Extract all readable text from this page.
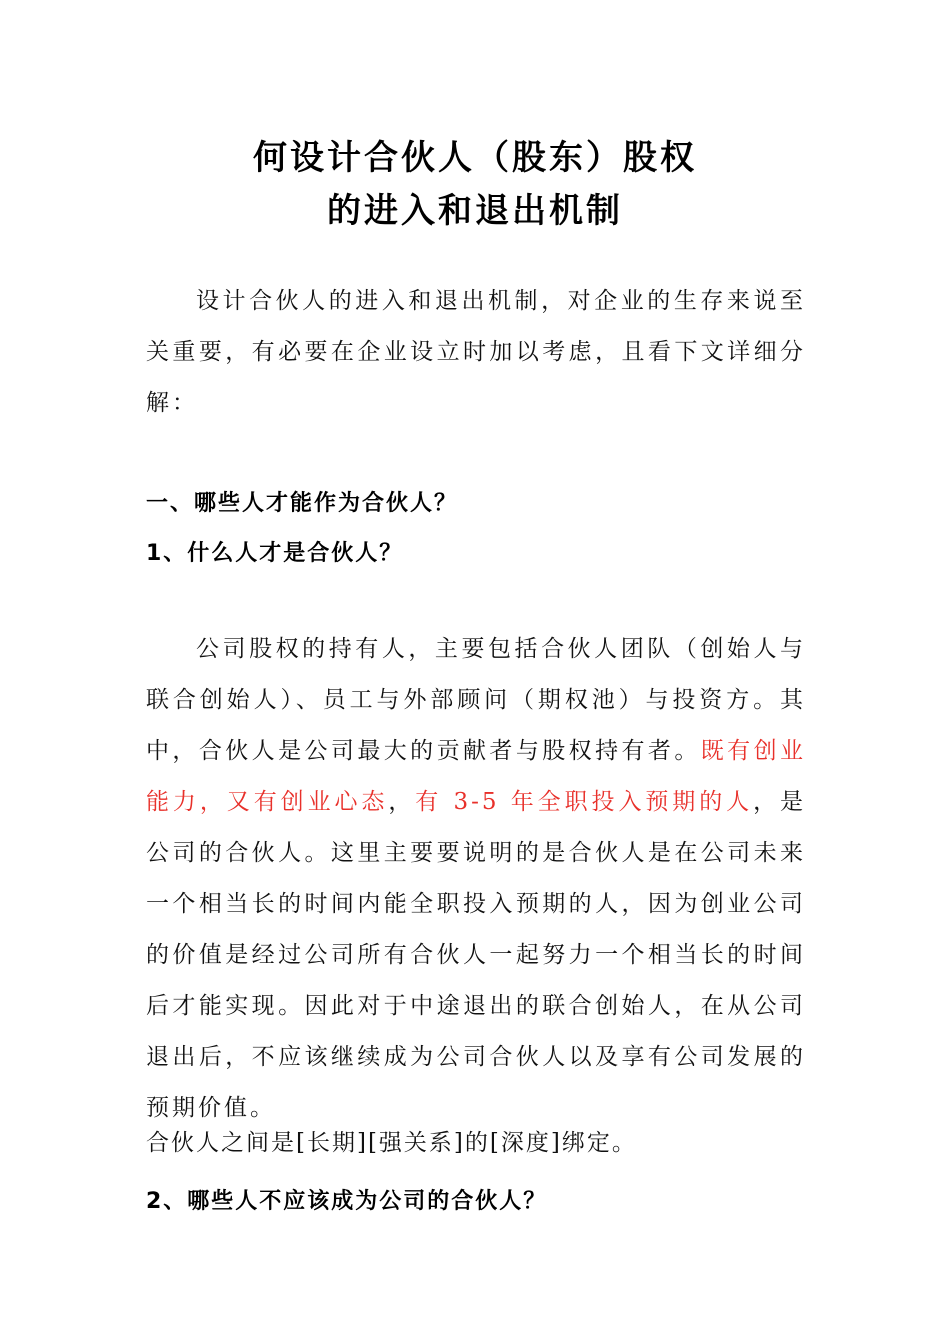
何设计合伙人（股东）股权
的进入和退出机制

设计合伙人的进入和退出机制，对企业的生存来说至关重要，有必要在企业设立时加以考虑，且看下文详细分解：

一、哪些人才能作为合伙人？
1、什么人才是合伙人？

公司股权的持有人，主要包括合伙人团队（创始人与联合创始人）、员工与外部顾问（期权池）与投资方。其中，合伙人是公司最大的贡献者与股权持有者。既有创业能力，又有创业心态，有 3-5 年全职投入预期的人，是公司的合伙人。这里主要要说明的是合伙人是在公司未来一个相当长的时间内能全职投入预期的人，因为创业公司的价值是经过公司所有合伙人一起努力一个相当长的时间后才能实现。因此对于中途退出的联合创始人，在从公司退出后，不应该继续成为公司合伙人以及享有公司发展的预期价值。

合伙人之间是[长期][强关系]的[深度]绑定。
2、哪些人不应该成为公司的合伙人？
